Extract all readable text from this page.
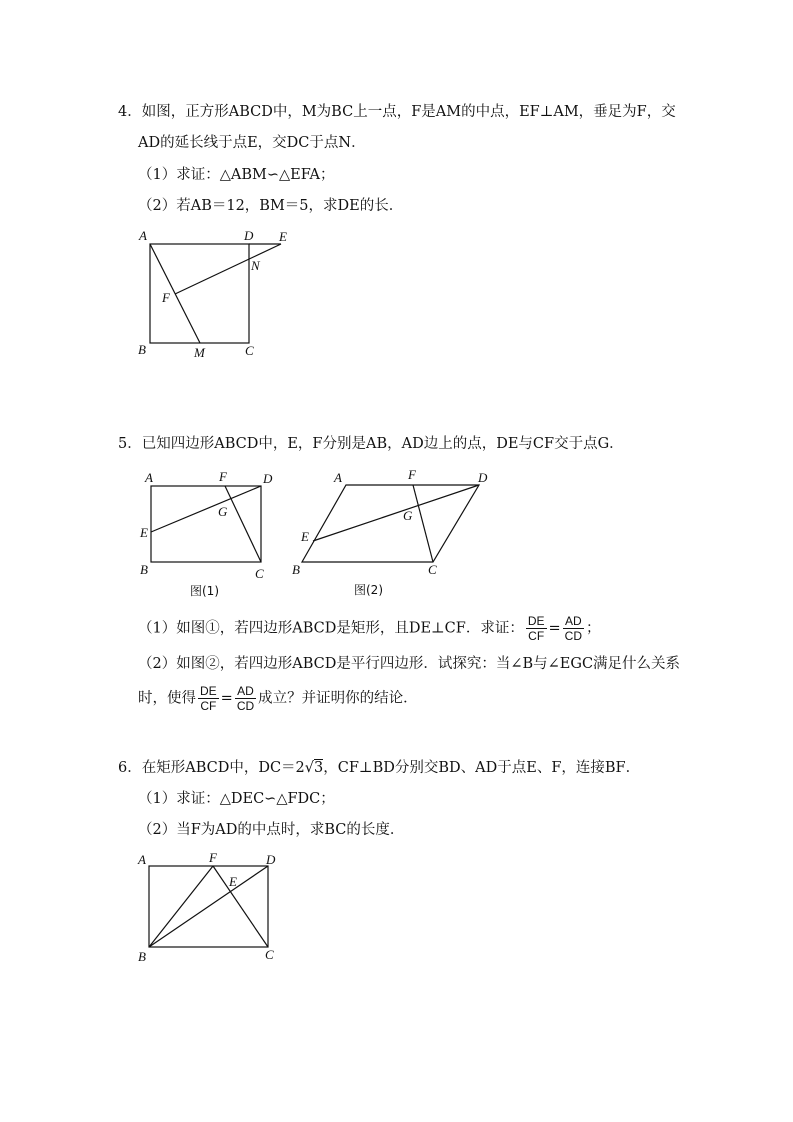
4．如图，正方形ABCD中，M为BC上一点，F是AM的中点，EF⊥AM，垂足为F，交
AD的延长线于点E，交DC于点N．
（1）求证：△ABM∽△EFA；
（2）若AB＝12，BM＝5，求DE的长．
A	D E
N
F
B	M	C
5．已知四边形ABCD中，E，F分别是AB，AD边上的点，DE与CF交于点G．
A	F	D
G
E
B	C
图(1)
A	F	D
G
E
B	C
图(2)
（1）如图①，若四边形ABCD是矩形，且DE⊥CF．求证： $\frac{DE}{CF} = \frac{AD}{CD}$ ；
（2）如图②，若四边形ABCD是平行四边形．试探究：当∠B与∠EGC满足什么关系
时，使得 $\frac{DE}{CF} = \frac{AD}{CD}$ 成立？并证明你的结论．
6．在矩形ABCD中，DC＝2√3，CF⊥BD分别交BD、AD于点E、F，连接BF．
（1）求证：△DEC∽△FDC；
（2）当F为AD的中点时，求BC的长度．
A	F	D
E
B	C
